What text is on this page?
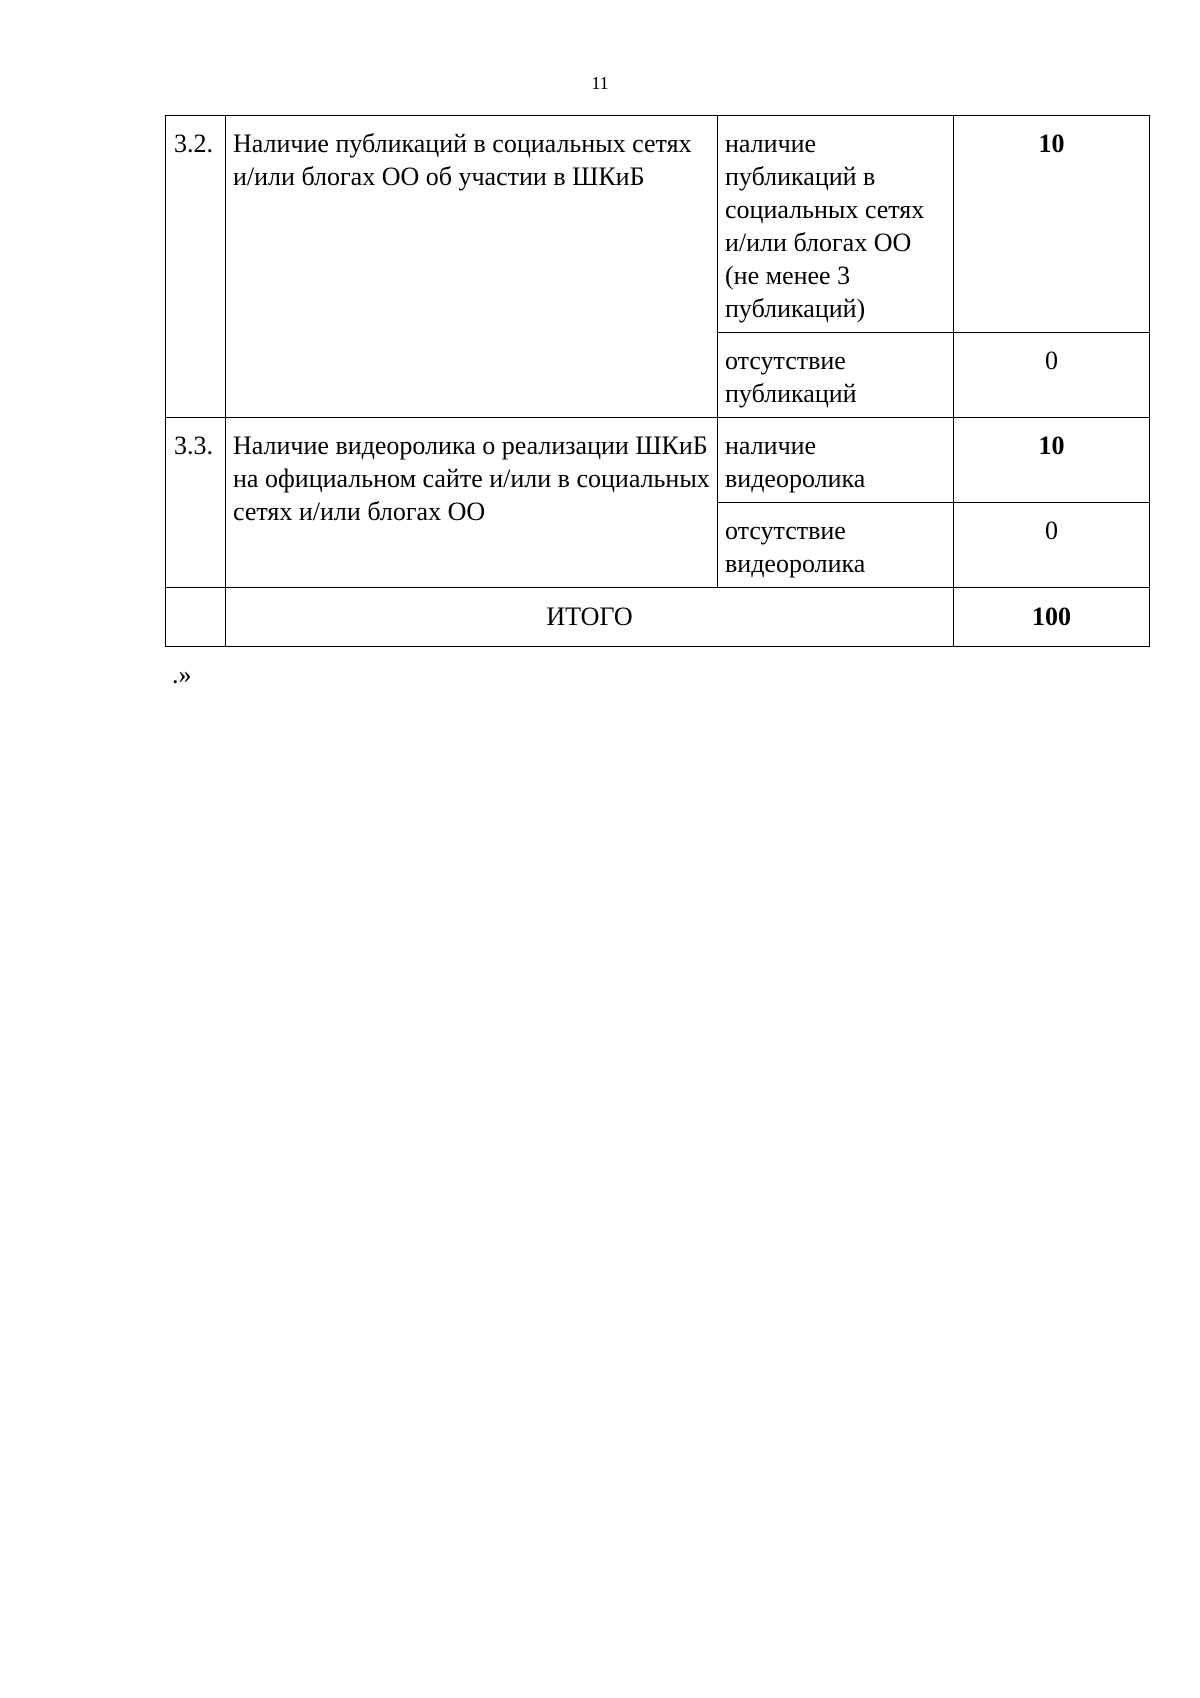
11
3.2.	Наличие публикаций в социальных сетях и/или блогах ОО об участии в ШКиБ	наличие публикаций в социальных сетях и/или блогах ОО (не менее 3 публикаций)	10
		отсутствие публикаций	0
3.3.	Наличие видеоролика о реализации ШКиБ на официальном сайте и/или в социальных сетях и/или блогах ОО	наличие видеоролика	10
		отсутствие видеоролика	0
	ИТОГО		100
.»
